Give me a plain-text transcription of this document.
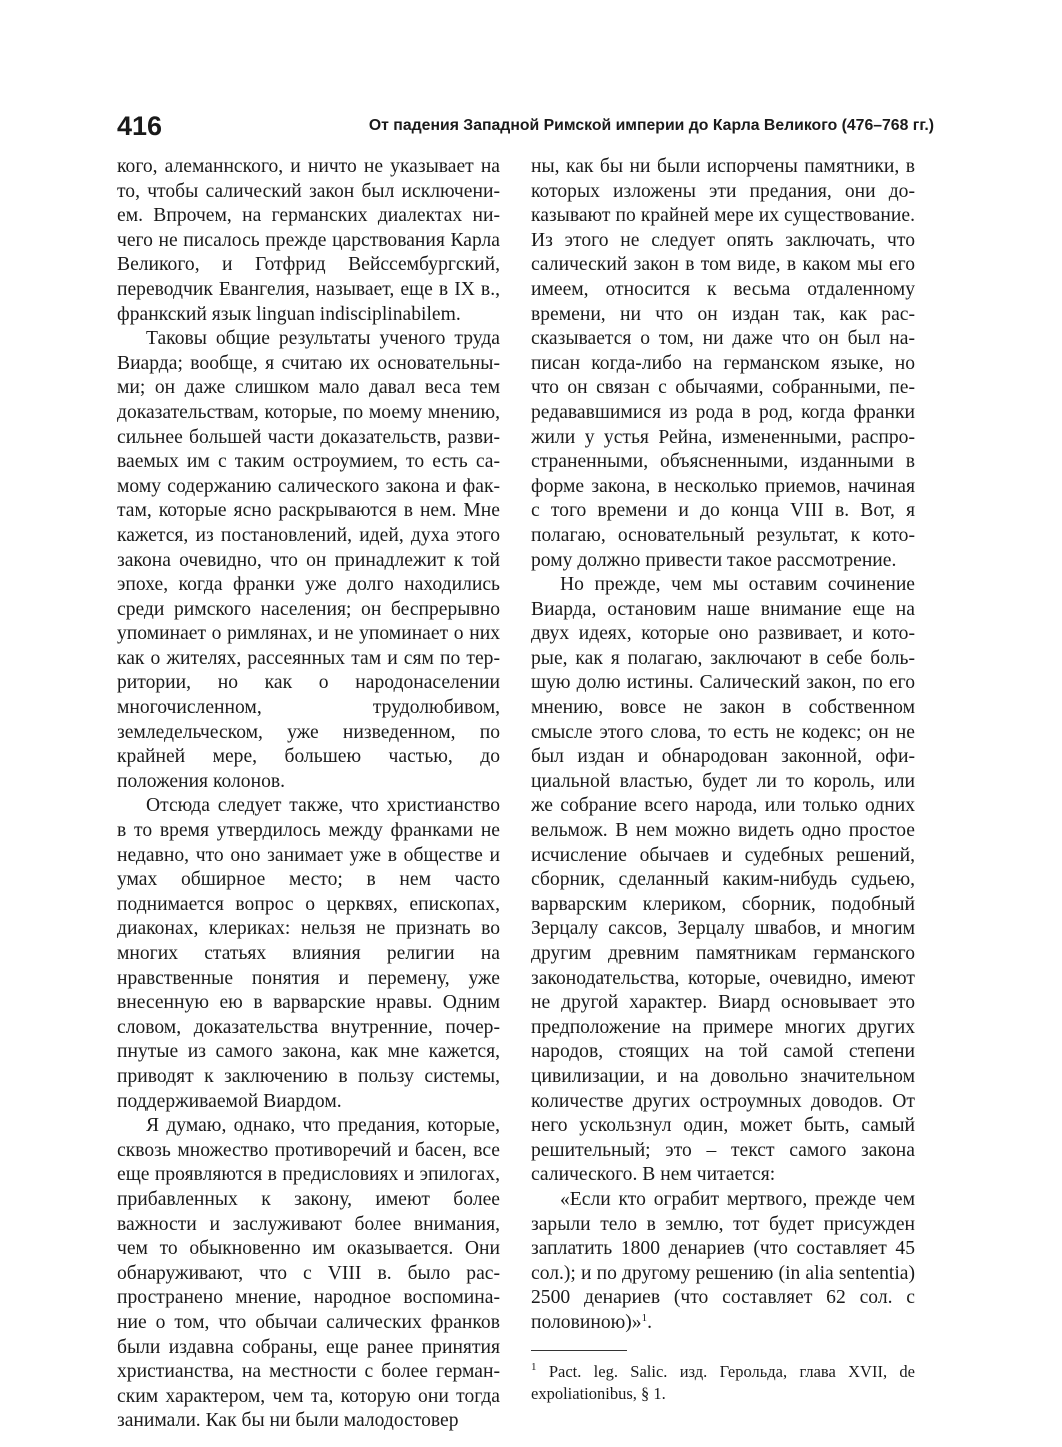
416	От падения Западной Римской империи до Карла Великого (476–768 гг.)

кого, алеманнского, и ничто не указывает на то, чтобы салический закон был исключением. Впрочем, на германских диалектах ничего не писалось прежде царствования Карла Великого, и Готфрид Вейссембургский, переводчик Евангелия, называет, еще в IX в., франкский язык linguan indisciplinabilem.

Таковы общие результаты ученого труда Виарда; вообще, я считаю их основательными; он даже слишком мало давал веса тем доказательствам, которые, по моему мнению, сильнее большей части доказательств, развиваемых им с таким остроумием, то есть самому содержанию салического закона и фактам, которые ясно раскрываются в нем. Мне кажется, из постановлений, идей, духа этого закона очевидно, что он принадлежит к той эпохе, когда франки уже долго находились среди римского населения; он беспрерывно упоминает о римлянах, и не упоминает о них как о жителях, рассеянных там и сям по территории, но как о народонаселении многочисленном, трудолюбивом, земледельческом, уже низведенном, по крайней мере, большею частью, до положения колонов.

Отсюда следует также, что христианство в то время утвердилось между франками не недавно, что оно занимает уже в обществе и умах обширное место; в нем часто поднимается вопрос о церквях, епископах, диаконах, клериках: нельзя не признать во многих статьях влияния религии на нравственные понятия и перемену, уже внесенную ею в варварские нравы. Одним словом, доказательства внутренние, почерпнутые из самого закона, как мне кажется, приводят к заключению в пользу системы, поддерживаемой Виардом.

Я думаю, однако, что предания, которые, сквозь множество противоречий и басен, все еще проявляются в предисловиях и эпилогах, прибавленных к закону, имеют более важности и заслуживают более внимания, чем то обыкновенно им оказывается. Они обнаруживают, что с VIII в. было распространено мнение, народное воспоминание о том, что обычаи салических франков были издавна собраны, еще ранее принятия христианства, на местности с более германским характером, чем та, которую они тогда занимали. Как бы ни были малодостовер

ны, как бы ни были испорчены памятники, в которых изложены эти предания, они доказывают по крайней мере их существование. Из этого не следует опять заключать, что салический закон в том виде, в каком мы его имеем, относится к весьма отдаленному времени, ни что он издан так, как рассказывается о том, ни даже что он был написан когда-либо на германском языке, но что он связан с обычаями, собранными, передававшимися из рода в род, когда франки жили у устья Рейна, измененными, распространенными, объясненными, изданными в форме закона, в несколько приемов, начиная с того времени и до конца VIII в. Вот, я полагаю, основательный результат, к которому должно привести такое рассмотрение.

Но прежде, чем мы оставим сочинение Виарда, остановим наше внимание еще на двух идеях, которые оно развивает, и которые, как я полагаю, заключают в себе большую долю истины. Салический закон, по его мнению, вовсе не закон в собственном смысле этого слова, то есть не кодекс; он не был издан и обнародован законной, официальной властью, будет ли то король, или же собрание всего народа, или только одних вельмож. В нем можно видеть одно простое исчисление обычаев и судебных решений, сборник, сделанный каким-нибудь судьею, варварским клериком, сборник, подобный Зерцалу саксов, Зерцалу швабов, и многим другим древним памятникам германского законодательства, которые, очевидно, имеют не другой характер. Виард основывает это предположение на примере многих других народов, стоящих на той самой степени цивилизации, и на довольно значительном количестве других остроумных доводов. От него ускользнул один, может быть, самый решительный; это – текст самого закона салического. В нем читается:

«Если кто ограбит мертвого, прежде чем зарыли тело в землю, тот будет присужден заплатить 1800 денариев (что составляет 45 сол.); и по другому решению (in alia sententia) 2500 денариев (что составляет 62 сол. с половиною)»$^1$.

$^1$ Pact. leg. Salic. изд. Герольда, глава XVII, de expoliationibus, § 1.
